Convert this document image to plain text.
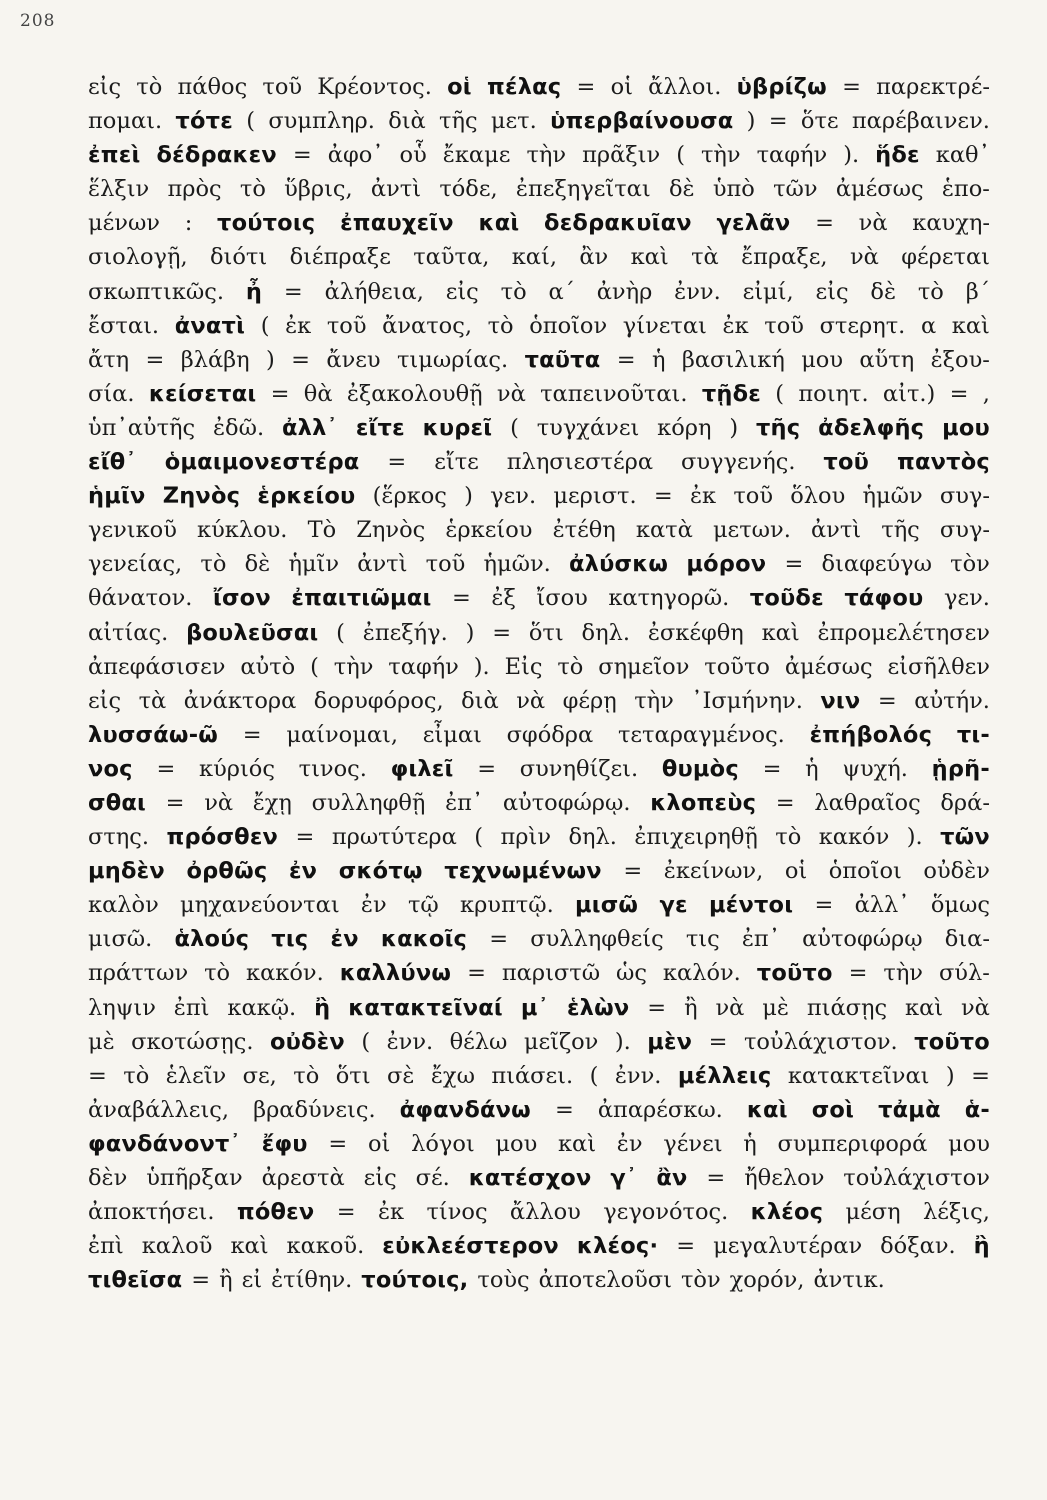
208
εἰς τὸ πάθος τοῦ Κρέοντος. οἱ πέλας = οἱ ἄλλοι. ὑβρίζω = παρεκτρέ-
πομαι. τότε ( συμπληρ. διὰ τῆς μετ. ὑπερβαίνουσα ) = ὅτε παρέβαινεν.
ἐπεὶ δέδρακεν = ἀφο᾽ οὗ ἔκαμε τὴν πρᾶξιν ( τὴν ταφήν ). ἥδε καθ᾽
ἕλξιν πρὸς τὸ ὕβρις, ἀντὶ τόδε, ἐπεξηγεῖται δὲ ὑπὸ τῶν ἀμέσως ἑπο-
μένων : τούτοις ἐπαυχεῖν καὶ δεδρακυῖαν γελᾶν = νὰ καυχη-
σιολογῇ, διότι διέπραξε ταῦτα, καί, ἂν καὶ τὰ ἔπραξε, νὰ φέρεται
σκωπτικῶς. ἦ = ἀλήθεια, εἰς τὸ α΄ ἀνὴρ ἐνν. εἰμί, εἰς δὲ τὸ β΄
ἔσται. ἀνατὶ ( ἐκ τοῦ ἄνατος, τὸ ὁποῖον γίνεται ἐκ τοῦ στερητ. α καὶ
ἄτη = βλάβη ) = ἄνευ τιμωρίας. ταῦτα = ἡ βασιλική μου αὕτη ἐξου-
σία. κείσεται = θὰ ἐξακολουθῇ νὰ ταπεινοῦται. τῇδε ( ποιητ. αἰτ.) = ,
ὑπ᾽αὐτῆς ἐδῶ. ἀλλ᾽ εἴτε κυρεῖ ( τυγχάνει κόρη ) τῆς ἀδελφῆς μου
εἴθ᾽ ὁμαιμονεστέρα = εἴτε πλησιεστέρα συγγενής. τοῦ παντὸς
ἡμῖν Ζηνὸς ἑρκείου (ἕρκος ) γεν. μεριστ. = ἐκ τοῦ ὅλου ἡμῶν συγ-
γενικοῦ κύκλου. Τὸ Ζηνὸς ἑρκείου ἐτέθη κατὰ μετων. ἀντὶ τῆς συγ-
γενείας, τὸ δὲ ἡμῖν ἀντὶ τοῦ ἡμῶν. ἀλύσκω μόρον = διαφεύγω τὸν
θάνατον. ἴσον ἐπαιτιῶμαι = ἐξ ἴσου κατηγορῶ. τοῦδε τάφου γεν.
αἰτίας. βουλεῦσαι ( ἐπεξήγ. ) = ὅτι δηλ. ἐσκέφθη καὶ ἐπρομελέτησεν
ἀπεφάσισεν αὐτὸ ( τὴν ταφήν ). Εἰς τὸ σημεῖον τοῦτο ἀμέσως εἰσῆλθεν
εἰς τὰ ἀνάκτορα δορυφόρος, διὰ νὰ φέρῃ τὴν ᾿Ισμήνην. νιν = αὐτήν.
λυσσάω-ῶ = μαίνομαι, εἶμαι σφόδρα τεταραγμένος. ἐπήβολός τι-
νος = κύριός τινος. φιλεῖ = συνηθίζει. θυμὸς = ἡ ψυχή. ᾑρῆ-
σθαι = νὰ ἔχῃ συλληφθῇ ἐπ᾽ αὐτοφώρῳ. κλοπεὺς = λαθραῖος δρά-
στης. πρόσθεν = πρωτύτερα ( πρὶν δηλ. ἐπιχειρηθῇ τὸ κακόν ). τῶν
μηδὲν ὀρθῶς ἐν σκότῳ τεχνωμένων = ἐκείνων, οἱ ὁποῖοι οὐδὲν
καλὸν μηχανεύονται ἐν τῷ κρυπτῷ. μισῶ γε μέντοι = ἀλλ᾽ ὅμως
μισῶ. ἁλούς τις ἐν κακοῖς = συλληφθείς τις ἐπ᾽ αὐτοφώρῳ δια-
πράττων τὸ κακόν. καλλύνω = παριστῶ ὡς καλόν. τοῦτο = τὴν σύλ-
ληψιν ἐπὶ κακῷ. ἢ κατακτεῖναί μ᾽ ἑλὼν = ἢ νὰ μὲ πιάσῃς καὶ νὰ
μὲ σκοτώσῃς. οὐδὲν ( ἐνν. θέλω μεῖζον ). μὲν = τοὐλάχιστον. τοῦτο
= τὸ ἑλεῖν σε, τὸ ὅτι σὲ ἔχω πιάσει. ( ἐνν. μέλλεις κατακτεῖναι ) =
ἀναβάλλεις, βραδύνεις. ἀφανδάνω = ἀπαρέσκω. καὶ σοὶ τἀμὰ ἁ-
φανδάνοντ᾽ ἔφυ = οἱ λόγοι μου καὶ ἐν γένει ἡ συμπεριφορά μου
δὲν ὑπῆρξαν ἀρεστὰ εἰς σέ. κατέσχον γ᾽ ἂν = ἤθελον τοὐλάχιστον
ἀποκτήσει. πόθεν = ἐκ τίνος ἄλλου γεγονότος. κλέος μέση λέξις,
ἐπὶ καλοῦ καὶ κακοῦ. εὐκλεέστερον κλέος· = μεγαλυτέραν δόξαν. ἢ
τιθεῖσα = ἢ εἰ ἐτίθην. τούτοις, τοὺς ἀποτελοῦσι τὸν χορόν, ἀντικ.
